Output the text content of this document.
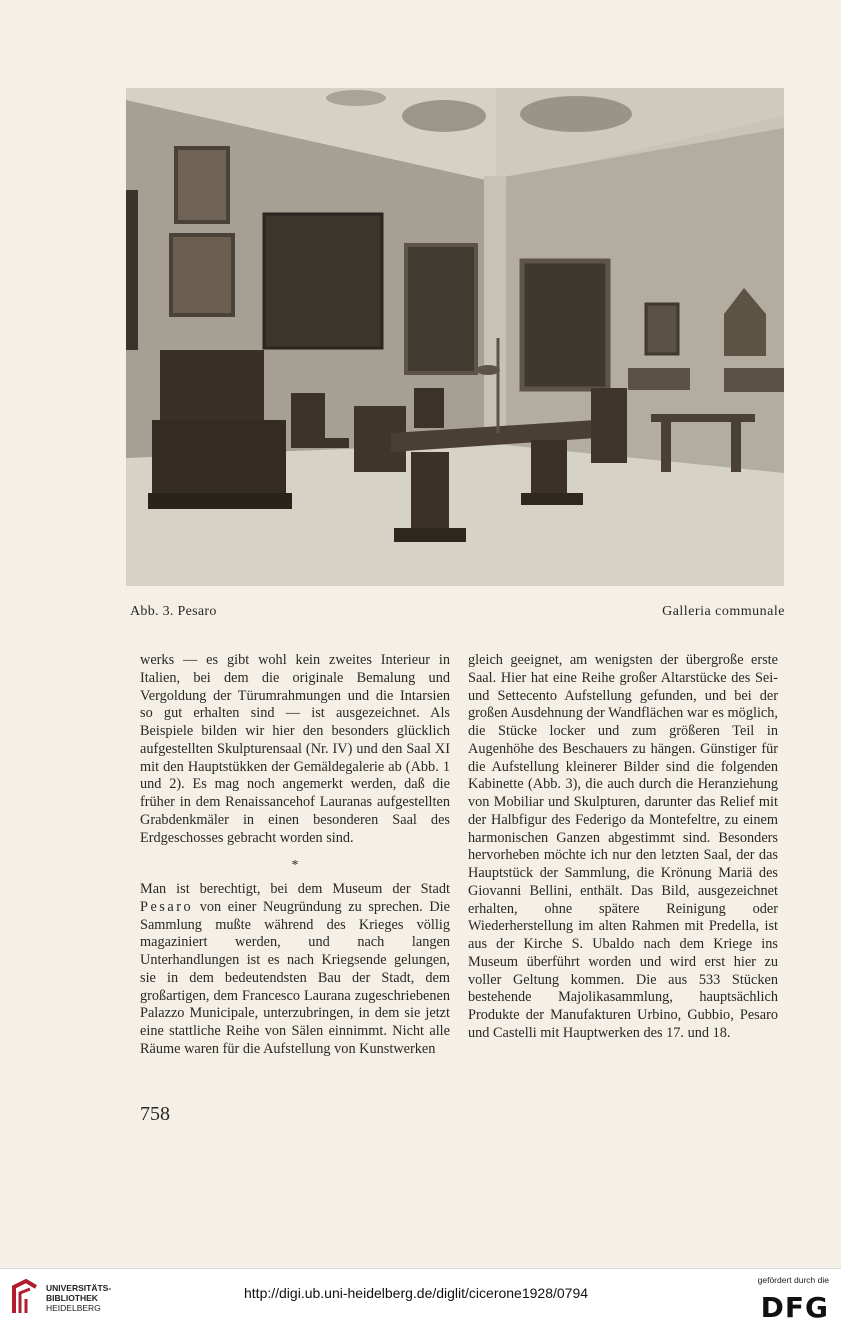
Abb. 3. Pesaro	Galleria communale

werks — es gibt wohl kein zweites Interieur in Italien, bei dem die originale Bemalung und Vergoldung der Türumrahmungen und die Intarsien so gut erhalten sind — ist ausgezeichnet. Als Beispiele bilden wir hier den besonders glücklich aufgestellten Skulpturensaal (Nr. IV) und den Saal XI mit den Hauptstükken der Gemäldegalerie ab (Abb. 1 und 2). Es mag noch angemerkt werden, daß die früher in dem Renaissancehof Lauranas aufgestellten Grabdenkmäler in einen besonderen Saal des Erdgeschosses gebracht worden sind.

*

Man ist berechtigt, bei dem Museum der Stadt Pesaro von einer Neugründung zu sprechen. Die Sammlung mußte während des Krieges völlig magaziniert werden, und nach langen Unterhandlungen ist es nach Kriegsende gelungen, sie in dem bedeutendsten Bau der Stadt, dem großartigen, dem Francesco Laurana zugeschriebenen Palazzo Municipale, unterzubringen, in dem sie jetzt eine stattliche Reihe von Sälen einnimmt. Nicht alle Räume waren für die Aufstellung von Kunstwerken

gleich geeignet, am wenigsten der übergroße erste Saal. Hier hat eine Reihe großer Altarstücke des Sei- und Settecento Aufstellung gefunden, und bei der großen Ausdehnung der Wandflächen war es möglich, die Stücke locker und zum größeren Teil in Augenhöhe des Beschauers zu hängen. Günstiger für die Aufstellung kleinerer Bilder sind die folgenden Kabinette (Abb. 3), die auch durch die Heranziehung von Mobiliar und Skulpturen, darunter das Relief mit der Halbfigur des Federigo da Montefeltre, zu einem harmonischen Ganzen abgestimmt sind. Besonders hervorheben möchte ich nur den letzten Saal, der das Hauptstück der Sammlung, die Krönung Mariä des Giovanni Bellini, enthält. Das Bild, ausgezeichnet erhalten, ohne spätere Reinigung oder Wiederherstellung im alten Rahmen mit Predella, ist aus der Kirche S. Ubaldo nach dem Kriege ins Museum überführt worden und wird erst hier zu voller Geltung kommen. Die aus 533 Stücken bestehende Majolikasammlung, hauptsächlich Produkte der Manufakturen Urbino, Gubbio, Pesaro und Castelli mit Hauptwerken des 17. und 18.

758
UNIVERSITÄTS-
BIBLIOTHEK
HEIDELBERG
http://digi.ub.uni-heidelberg.de/diglit/cicerone1928/0794
gefördert durch die
DFG
